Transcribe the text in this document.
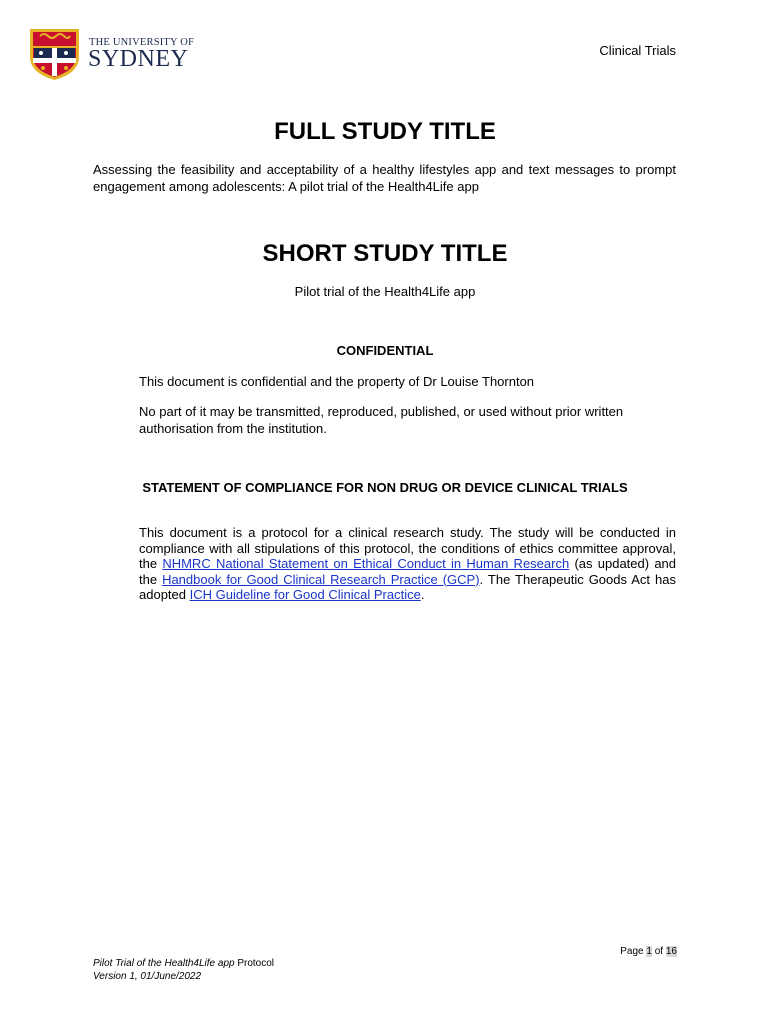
THE UNIVERSITY OF
SYDNEY	Clinical Trials
FULL STUDY TITLE
Assessing the feasibility and acceptability of a healthy lifestyles app and text messages to prompt engagement among adolescents: A pilot trial of the Health4Life app
SHORT STUDY TITLE
Pilot trial of the Health4Life app
CONFIDENTIAL
This document is confidential and the property of Dr Louise Thornton
No part of it may be transmitted, reproduced, published, or used without prior written authorisation from the institution.
STATEMENT OF COMPLIANCE FOR NON DRUG OR DEVICE CLINICAL TRIALS
This document is a protocol for a clinical research study. The study will be conducted in compliance with all stipulations of this protocol, the conditions of ethics committee approval, the NHMRC National Statement on Ethical Conduct in Human Research (as updated) and the Handbook for Good Clinical Research Practice (GCP). The Therapeutic Goods Act has adopted ICH Guideline for Good Clinical Practice.
Page 1 of 16
Pilot Trial of the Health4Life app Protocol
Version 1, 01/June/2022
